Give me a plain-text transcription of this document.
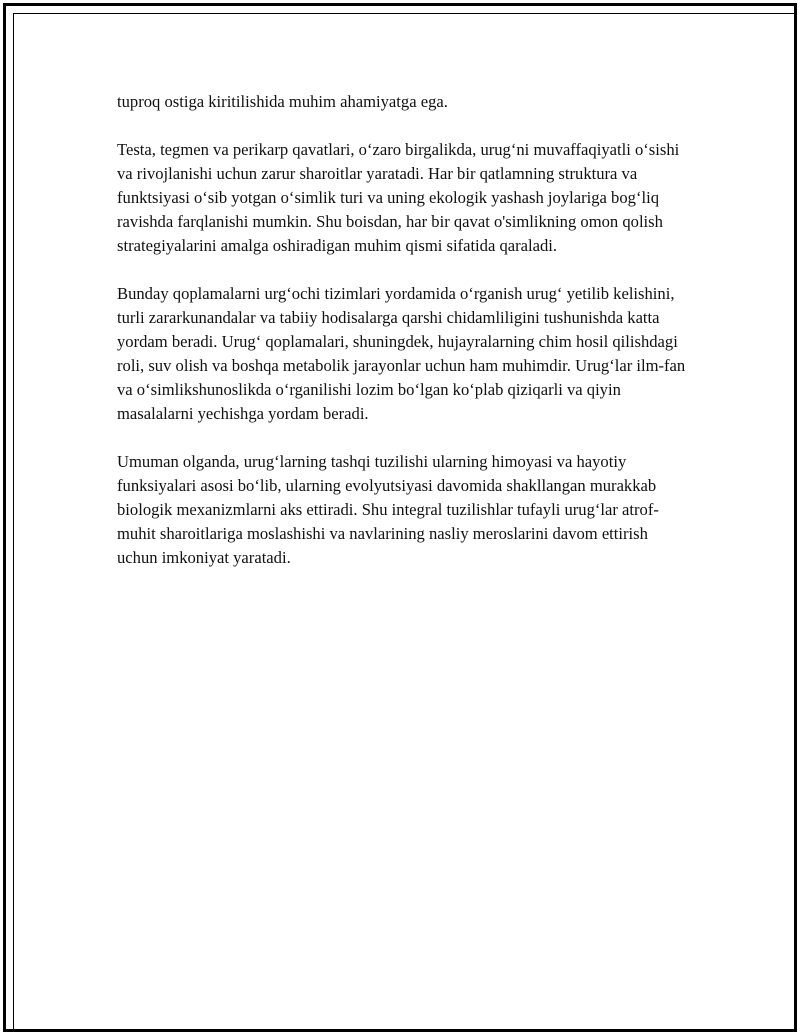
tuproq ostiga kiritilishida muhim ahamiyatga ega.

Testa, tegmen va perikarp qavatlari, o‘zaro birgalikda, urug‘ni muvaffaqiyatli o‘sishi va rivojlanishi uchun zarur sharoitlar yaratadi. Har bir qatlamning struktura va funktsiyasi o‘sib yotgan o‘simlik turi va uning ekologik yashash joylariga bog‘liq ravishda farqlanishi mumkin. Shu boisdan, har bir qavat o'simlikning omon qolish strategiyalarini amalga oshiradigan muhim qismi sifatida qaraladi.

Bunday qoplamalarni urg‘ochi tizimlari yordamida o‘rganish urug‘ yetilib kelishini, turli zararkunandalar va tabiiy hodisalarga qarshi chidamliligini tushunishda katta yordam beradi. Urug‘ qoplamalari, shuningdek, hujayralarning chim hosil qilishdagi roli, suv olish va boshqa metabolik jarayonlar uchun ham muhimdir. Urug‘lar ilm-fan va o‘simlikshunoslikda o‘rganilishi lozim bo‘lgan ko‘plab qiziqarli va qiyin masalalarni yechishga yordam beradi.

Umuman olganda, urug‘larning tashqi tuzilishi ularning himoyasi va hayotiy funksiyalari asosi bo‘lib, ularning evolyutsiyasi davomida shakllangan murakkab biologik mexanizmlarni aks ettiradi. Shu integral tuzilishlar tufayli urug‘lar atrof-muhit sharoitlariga moslashishi va navlarining nasliy meroslarini davom ettirish uchun imkoniyat yaratadi.
